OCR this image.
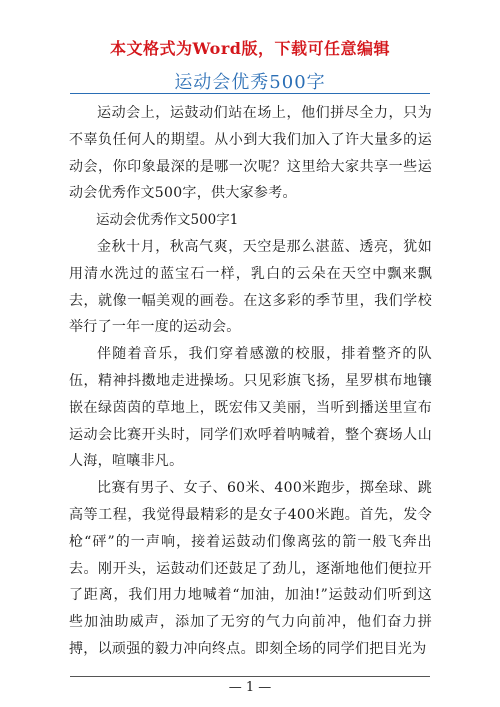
本文格式为Word版，下载可任意编辑
运动会优秀500字

运动会上，运鼓动们站在场上，他们拼尽全力，只为不辜负任何人的期望。从小到大我们加入了许大量多的运动会，你印象最深的是哪一次呢？这里给大家共享一些运动会优秀作文500字，供大家参考。

运动会优秀作文500字1

金秋十月，秋高气爽，天空是那么湛蓝、透亮，犹如用清水洗过的蓝宝石一样，乳白的云朵在天空中飘来飘去，就像一幅美观的画卷。在这多彩的季节里，我们学校举行了一年一度的运动会。

伴随着音乐，我们穿着感激的校服，排着整齐的队伍，精神抖擞地走进操场。只见彩旗飞扬，星罗棋布地镶嵌在绿茵茵的草地上，既宏伟又美丽，当听到播送里宣布运动会比赛开头时，同学们欢呼着呐喊着，整个赛场人山人海，喧嚷非凡。

比赛有男子、女子、60米、400米跑步，掷垒球、跳高等工程，我觉得最精彩的是女子400米跑。首先，发令枪“砰”的一声响，接着运鼓动们像离弦的箭一般飞奔出去。刚开头，运鼓动们还鼓足了劲儿，逐渐地他们便拉开了距离，我们用力地喊着“加油，加油!”运鼓动们听到这些加油助威声，添加了无穷的气力向前冲，他们奋力拼搏，以顽强的毅力冲向终点。即刻全场的同学们把目光为

— 1 —
